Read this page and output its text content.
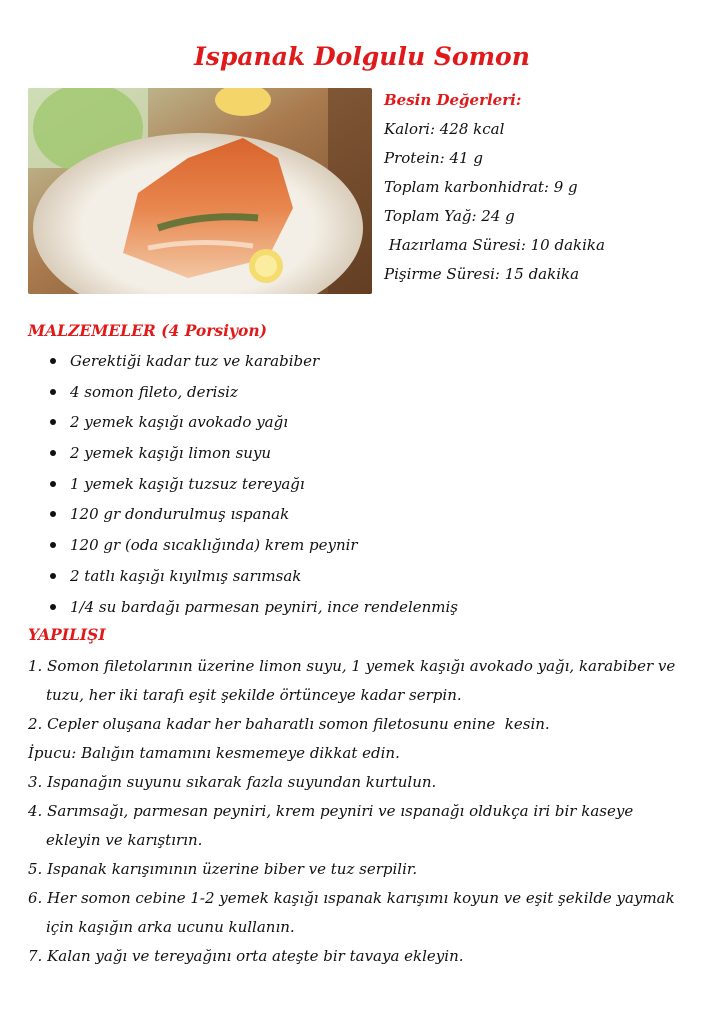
Ispanak Dolgulu Somon
Besin Değerleri:
Kalori: 428 kcal
Protein: 41 g
Toplam karbonhidrat: 9 g
Toplam Yağ: 24 g
Hazırlama Süresi: 10 dakika
Pişirme Süresi: 15 dakika
MALZEMELER (4 Porsiyon)
Gerektiği kadar tuz ve karabiber
4 somon fileto, derisiz
2 yemek kaşığı avokado yağı
2 yemek kaşığı limon suyu
1 yemek kaşığı tuzsuz tereyağı
120 gr dondurulmuş ıspanak
120 gr (oda sıcaklığında) krem peynir
2 tatlı kaşığı kıyılmış sarımsak
1/4 su bardağı parmesan peyniri, ince rendelenmiş
YAPILIŞI
1. Somon filetolarının üzerine limon suyu, 1 yemek kaşığı avokado yağı, karabiber ve
tuzu, her iki tarafı eşit şekilde örtünceye kadar serpin.
2. Cepler oluşana kadar her baharatlı somon filetosunu enine  kesin.
İpucu: Balığın tamamını kesmemeye dikkat edin.
3. Ispanağın suyunu sıkarak fazla suyundan kurtulun.
4. Sarımsağı, parmesan peyniri, krem peyniri ve ıspanağı oldukça iri bir kaseye
ekleyin ve karıştırın.
5. Ispanak karışımının üzerine biber ve tuz serpilir.
6. Her somon cebine 1-2 yemek kaşığı ıspanak karışımı koyun ve eşit şekilde yaymak
için kaşığın arka ucunu kullanın.
7. Kalan yağı ve tereyağını orta ateşte bir tavaya ekleyin.
